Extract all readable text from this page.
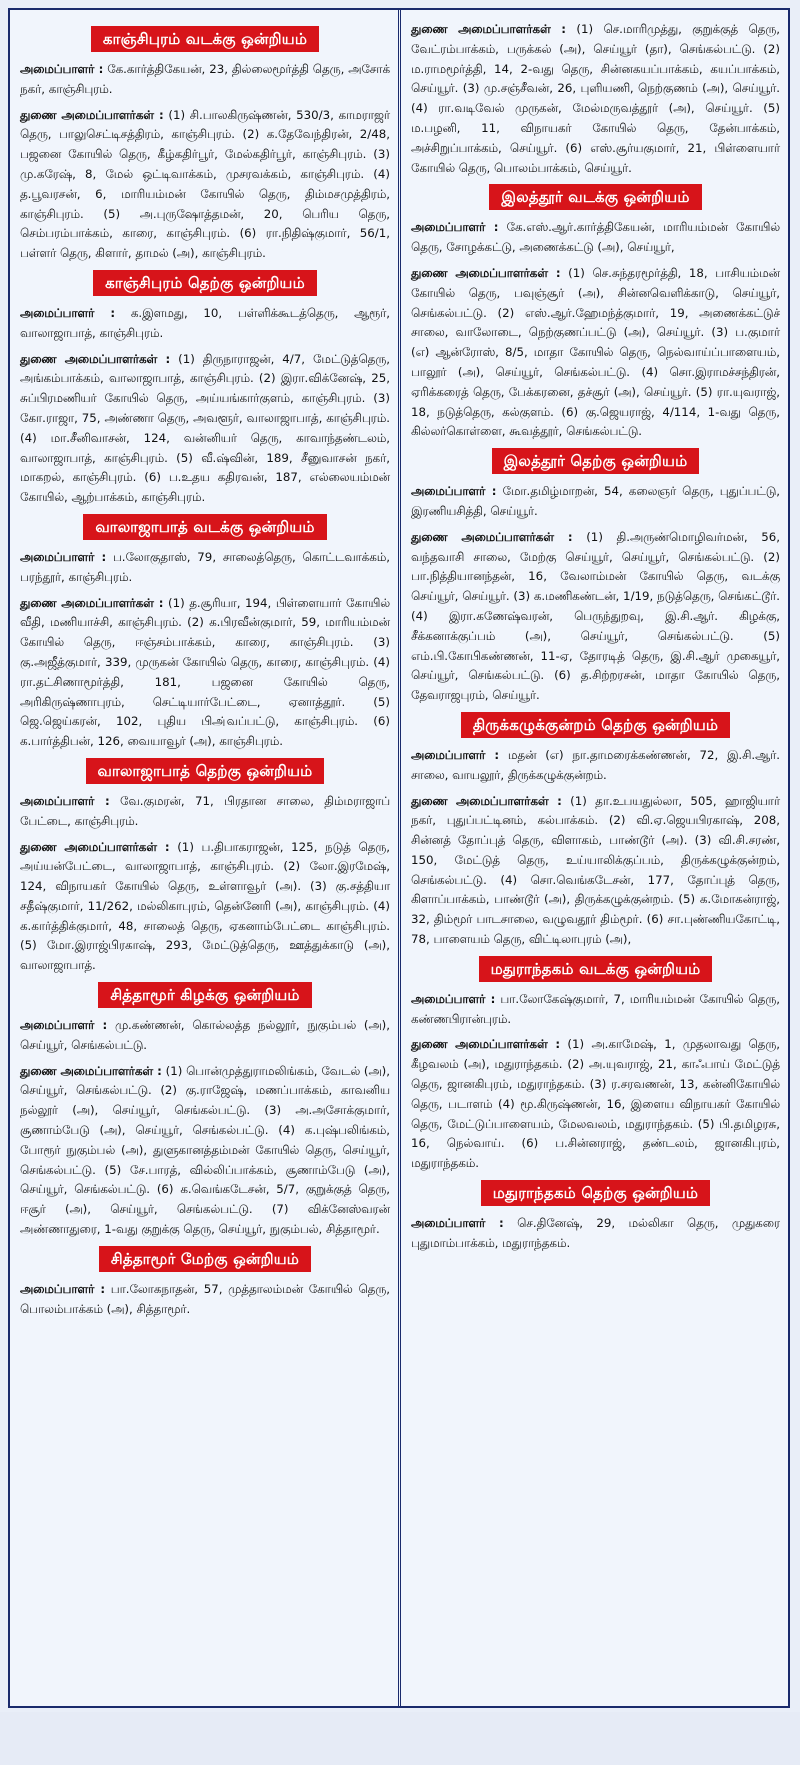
காஞ்சிபுரம் வடக்கு ஒன்றியம்

அமைப்பாளர் : கே.கார்த்திகேயன், 23, தில்லைமூர்த்தி தெரு, அசோக் நகர், காஞ்சிபுரம்.

துணை அமைப்பாளர்கள் : (1) சி.பாலகிருஷ்ணன், 530/3, காமராஜர் தெரு, பாலுசெட்டிசத்திரம், காஞ்சிபுரம். (2) க.தேவேந்திரன், 2/48, பஜனை கோயில் தெரு, கீழ்கதிர்பூர், மேல்கதிர்பூர், காஞ்சிபுரம். (3) மு.கரேஷ், 8, மேல் ஒட்டிவாக்கம், முசரவக்கம், காஞ்சிபுரம். (4) த.பூவரசன், 6, மாரியம்மன் கோயில் தெரு, திம்மசமுத்திரம், காஞ்சிபுரம். (5) அ.புருஷோத்தமன், 20, பெரிய தெரு, செம்பரம்பாக்கம், காரை, காஞ்சிபுரம். (6) ரா.நிதிஷ்குமார், 56/1, பள்ளர் தெரு, கிளார், தாமல் (அ), காஞ்சிபுரம்.

காஞ்சிபுரம் தெற்கு ஒன்றியம்

அமைப்பாளர் : க.இளமது, 10, பள்ளிக்கூடத்தெரு, ஆரூர், வாலாஜாபாத், காஞ்சிபுரம்.

துணை அமைப்பாளர்கள் : (1) திருநாராஜன், 4/7, மேட்டுத்தெரு, அங்கம்பாக்கம், வாலாஜாபாத், காஞ்சிபுரம். (2) இரா.விக்னேஷ், 25, சுப்பிரமணியர் கோயில் தெரு, அய்யங்கார்குளம், காஞ்சிபுரம். (3) கோ.ராஜா, 75, அண்ணா தெரு, அவளூர், வாலாஜாபாத், காஞ்சிபுரம். (4) மா.சீனிவாசன், 124, வன்னியர் தெரு, காவாந்தண்டலம், வாலாஜாபாத், காஞ்சிபுரம். (5) வீ.ஷ்வின், 189, சீனுவாசன் நகர், மாகறல், காஞ்சிபுரம். (6) ப.உதய கதிரவன், 187, எல்லையம்மன் கோயில், ஆற்பாக்கம், காஞ்சிபுரம்.

வாலாஜாபாத் வடக்கு ஒன்றியம்

அமைப்பாளர் : ப.லோகுதாஸ், 79, சாலைத்தெரு, கொட்டவாக்கம், பரந்தூர், காஞ்சிபுரம்.

துணை அமைப்பாளர்கள் : (1) த.சூரியா, 194, பிள்ளையார் கோயில் வீதி, மணியாச்சி, காஞ்சிபுரம். (2) க.பிரவீன்குமார், 59, மாரியம்மன் கோயில் தெரு, ஈஞ்சம்பாக்கம், காரை, காஞ்சிபுரம். (3) கு.அஜீத்குமார், 339, முருகன் கோயில் தெரு, காரை, காஞ்சிபுரம். (4) ரா.தட்சிணாமூர்த்தி, 181, பஜனை கோயில் தெரு, அரிகிருஷ்ணாபுரம், செட்டியார்பேட்டை, ஏனாத்தூர். (5) ஜெ.ஜெய்கரன், 102, புதிய பிஅ்வப்பட்டு, காஞ்சிபுரம். (6) க.பார்த்திபன், 126, வையாவூர் (அ), காஞ்சிபுரம்.

வாலாஜாபாத் தெற்கு ஒன்றியம்

அமைப்பாளர் : வே.குமரன், 71, பிரதான சாலை, திம்மராஜாப் பேட்டை, காஞ்சிபுரம்.

துணை அமைப்பாளர்கள் : (1) ப.திபாகராஜன், 125, நடுத் தெரு, அய்யன்பேட்டை, வாலாஜாபாத், காஞ்சிபுரம். (2) லோ.இரமேஷ், 124, விநாயகர் கோயில் தெரு, உள்ளாவூர் (அ). (3) கு.சத்தியா சதீஷ்குமார், 11/262, மல்லிகாபுரம், தென்னேரி (அ), காஞ்சிபுரம். (4) க.கார்த்திக்குமார், 48, சாலைத் தெரு, ஏகனாம்பேட்டை காஞ்சிபுரம். (5) மோ.இராஜ்பிரகாஷ், 293, மேட்டுத்தெரு, ஊத்துக்காடு (அ), வாலாஜாபாத்.

சித்தாமூர் கிழக்கு ஒன்றியம்

அமைப்பாளர் : மு.கண்ணன், கொல்லத்த நல்லூர், நுகும்பல் (அ), செய்யூர், செங்கல்பட்டு.

துணை அமைப்பாளர்கள் : (1) பொன்முத்துராமலிங்கம், வேடல் (அ), செய்யூர், செங்கல்பட்டு. (2) கு.ராஜேஷ், மணப்பாக்கம், காவனிய நல்லூர் (அ), செய்யூர், செங்கல்பட்டு. (3) அ.அசோக்குமார், சூணாம்பேடு (அ), செய்யூர், செங்கல்பட்டு. (4) க.புஷ்பலிங்கம், போரூர் நுகும்பல் (அ), துளுகானத்தம்மன் கோயில் தெரு, செய்யூர், செங்கல்பட்டு. (5) சே.பாரத், வில்லிப்பாக்கம், சூணாம்பேடு (அ), செய்யூர், செங்கல்பட்டு. (6) க.வெங்கடேசன், 5/7, குறுக்குத் தெரு, ஈசூர் (அ), செய்யூர், செங்கல்பட்டு. (7) விக்னேஸ்வரன் அண்ணாதுரை, 1-வது குறுக்கு தெரு, செய்யூர், நுகும்பல், சித்தாமூர்.

சித்தாமூர் மேற்கு ஒன்றியம்

அமைப்பாளர் : பா.லோகநாதன், 57, முத்தாலம்மன் கோயில் தெரு, பொலம்பாக்கம் (அ), சித்தாமூர்.

துணை அமைப்பாளர்கள் : (1) செ.மாரிமுத்து, குறுக்குத் தெரு, வேட்ரம்பாக்கம், பருக்கல் (அ), செய்யூர் (தா), செங்கல்பட்டு. (2) ம.ராமமூர்த்தி, 14, 2-வது தெரு, சின்னகயப்பாக்கம், கயப்பாக்கம், செய்யூர். (3) மு.சஞ்சீவன், 26, புளியணி, நெற்குணம் (அ), செய்யூர். (4) ரா.வடிவேல் முருகன், மேல்மருவத்தூர் (அ), செய்யூர். (5) ம.பழனி, 11, விநாயகர் கோயில் தெரு, தேன்பாக்கம், அச்சிறுப்பாக்கம், செய்யூர். (6) எஸ்.சூர்யகுமார், 21, பிள்ளையார் கோயில் தெரு, பொலம்பாக்கம், செய்யூர்.

இலத்தூர் வடக்கு ஒன்றியம்

அமைப்பாளர் : கே.எஸ்.ஆர்.கார்த்திகேயன், மாரியம்மன் கோயில் தெரு, சோழக்கட்டு, அணைக்கட்டு (அ), செய்யூர்,

துணை அமைப்பாளர்கள் : (1) செ.சுந்தரமூர்த்தி, 18, பாசியம்மன் கோயில் தெரு, பவுஞ்சூர் (அ), சின்னவெளிக்காடு, செய்யூர், செங்கல்பட்டு. (2) எஸ்.ஆர்.ஹேமந்த்குமார், 19, அணைக்கட்டுச் சாலை, வாலோடை, நெற்குணப்பட்டு (அ), செய்யூர். (3) ப.குமார் (எ) ஆன்ரோஸ், 8/5, மாதா கோயில் தெரு, நெல்வாய்ப்பாளையம், பாலூர் (அ), செய்யூர், செங்கல்பட்டு. (4) சொ.இராமச்சந்திரன், ஏரிக்கரைத் தெரு, பேக்கரனை, தச்சூர் (அ), செய்யூர். (5) ரா.யுவராஜ், 18, நடுத்தெரு, கல்குளம். (6) கு.ஜெயராஜ், 4/114, 1-வது தெரு, கில்லர்கொள்ளை, கூவத்தூர், செங்கல்பட்டு.

இலத்தூர் தெற்கு ஒன்றியம்

அமைப்பாளர் : மோ.தமிழ்மாறன், 54, கலைஞர் தெரு, புதுப்பட்டு, இரணியசித்தி, செய்யூர்.

துணை அமைப்பாளர்கள் : (1) தி.அருண்மொழிவர்மன், 56, வந்தவாசி சாலை, மேற்கு செய்யூர், செய்யூர், செங்கல்பட்டு. (2) பா.நித்தியானந்தன், 16, வேலாம்மன் கோயில் தெரு, வடக்கு செய்யூர், செய்யூர். (3) க.மணிகண்டன், 1/19, நடுத்தெரு, செங்கட்டூர். (4) இரா.கணேஷ்வரன், பெருந்துறவு, இ.சி.ஆர். கிழக்கு, சீக்கனாக்குப்பம் (அ), செய்யூர், செங்கல்பட்டு. (5) எம்.பி.கோபிகண்ணன், 11-ஏ, தோரடித் தெரு, இ.சி.ஆர் முகையூர், செய்யூர், செங்கல்பட்டு. (6) த.சிற்றரசன், மாதா கோயில் தெரு, தேவராஜபுரம், செய்யூர்.

திருக்கழுக்குன்றம் தெற்கு ஒன்றியம்

அமைப்பாளர் : மதன் (எ) நா.தாமரைக்கண்ணன், 72, இ.சி.ஆர். சாலை, வாயலூர், திருக்கழுக்குன்றம்.

துணை அமைப்பாளர்கள் : (1) தா.உபயதுல்லா, 505, ஹாஜியார் நகர், புதுப்பட்டினம், கல்பாக்கம். (2) வி.ஏ.ஜெயபிரகாஷ், 208, சின்னத் தோப்புத் தெரு, விளாகம், பாண்டூர் (அ). (3) வி.சி.சரண், 150, மேட்டுத் தெரு, உய்யாலிக்குப்பம், திருக்கழுக்குன்றம், செங்கல்பட்டு. (4) சொ.வெங்கடேசன், 177, தோப்புத் தெரு, கிளாப்பாக்கம், பாண்டூர் (அ), திருக்கழுக்குன்றம். (5) க.மோகன்ராஜ், 32, திம்மூர் பாடசாலை, வழுவதூர் திம்மூர். (6) சா.புண்ணியகோட்டி, 78, பாளையம் தெரு, விட்டிலாபுரம் (அ),

மதுராந்தகம் வடக்கு ஒன்றியம்

அமைப்பாளர் : பா.லோகேஷ்குமார், 7, மாரியம்மன் கோயில் தெரு, கண்ணபிரான்புரம்.

துணை அமைப்பாளர்கள் : (1) அ.காமேஷ், 1, முதலாவது தெரு, கீழவலம் (அ), மதுராந்தகம். (2) அ.யுவராஜ், 21, காஃபாய் மேட்டுத் தெரு, ஜானகிபுரம், மதுராந்தகம். (3) ர.சரவணன், 13, கன்னிகோயில் தெரு, படாளம் (4) மூ.கிருஷ்ணன், 16, இளைய விநாயகர் கோயில் தெரு, மேட்டுப்பாளையம், மேலவலம், மதுராந்தகம். (5) பி.தமிழரசு, 16, நெல்வாய். (6) ப.சின்னராஜ், தண்டலம், ஜானகிபுரம், மதுராந்தகம்.

மதுராந்தகம் தெற்கு ஒன்றியம்

அமைப்பாளர் : செ.தினேஷ், 29, மல்லிகா தெரு, முதுகரை புதுமாம்பாக்கம், மதுராந்தகம்.
